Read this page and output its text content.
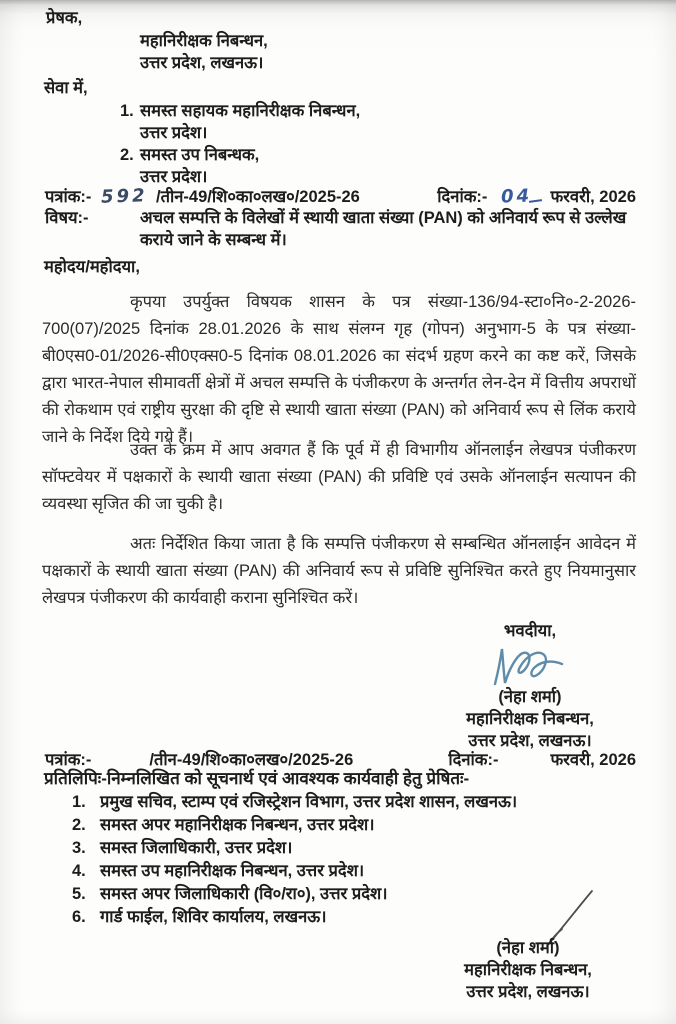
प्रेषक,
महानिरीक्षक निबन्धन,
उत्तर प्रदेश, लखनऊ।
सेवा में,
1. समस्त सहायक महानिरीक्षक निबन्धन,
उत्तर प्रदेश।
2. समस्त उप निबन्धक,
उत्तर प्रदेश।
पत्रांक:- 592 /तीन-49/शि०का०लख०/2025-26	दिनांक:- 04 फरवरी, 2026
विषय:-	अचल सम्पत्ति के विलेखों में स्थायी खाता संख्या (PAN) को अनिवार्य रूप से उल्लेख कराये जाने के सम्बन्ध में।
महोदय/महोदया,
कृपया उपर्युक्त विषयक शासन के पत्र संख्या-136/94-स्टा०नि०-2-2026-700(07)/2025 दिनांक 28.01.2026 के साथ संलग्न गृह (गोपन) अनुभाग-5 के पत्र संख्या-बी0एस0-01/2026-सी0एक्स0-5 दिनांक 08.01.2026 का संदर्भ ग्रहण करने का कष्ट करें, जिसके द्वारा भारत-नेपाल सीमावर्ती क्षेत्रों में अचल सम्पत्ति के पंजीकरण के अन्तर्गत लेन-देन में वित्तीय अपराधों की रोकथाम एवं राष्ट्रीय सुरक्षा की दृष्टि से स्थायी खाता संख्या (PAN) को अनिवार्य रूप से लिंक कराये जाने के निर्देश दिये गये हैं।
उक्त के क्रम में आप अवगत हैं कि पूर्व में ही विभागीय ऑनलाईन लेखपत्र पंजीकरण सॉफ्टवेयर में पक्षकारों के स्थायी खाता संख्या (PAN) की प्रविष्टि एवं उसके ऑनलाईन सत्यापन की व्यवस्था सृजित की जा चुकी है।
अतः निर्देशित किया जाता है कि सम्पत्ति पंजीकरण से सम्बन्धित ऑनलाईन आवेदन में पक्षकारों के स्थायी खाता संख्या (PAN) की अनिवार्य रूप से प्रविष्टि सुनिश्चित करते हुए नियमानुसार लेखपत्र पंजीकरण की कार्यवाही कराना सुनिश्चित करें।
भवदीया,
(नेहा शर्मा)
महानिरीक्षक निबन्धन,
उत्तर प्रदेश, लखनऊ।
पत्रांक:-	/तीन-49/शि०का०लख०/2025-26	दिनांक:-	फरवरी, 2026
प्रतिलिपिः-निम्नलिखित को सूचनार्थ एवं आवश्यक कार्यवाही हेतु प्रेषितः-
1. प्रमुख सचिव, स्टाम्प एवं रजिस्ट्रेशन विभाग, उत्तर प्रदेश शासन, लखनऊ।
2. समस्त अपर महानिरीक्षक निबन्धन, उत्तर प्रदेश।
3. समस्त जिलाधिकारी, उत्तर प्रदेश।
4. समस्त उप महानिरीक्षक निबन्धन, उत्तर प्रदेश।
5. समस्त अपर जिलाधिकारी (वि०/रा०), उत्तर प्रदेश।
6. गार्ड फाईल, शिविर कार्यालय, लखनऊ।
(नेहा शर्मा)
महानिरीक्षक निबन्धन,
उत्तर प्रदेश, लखनऊ।
